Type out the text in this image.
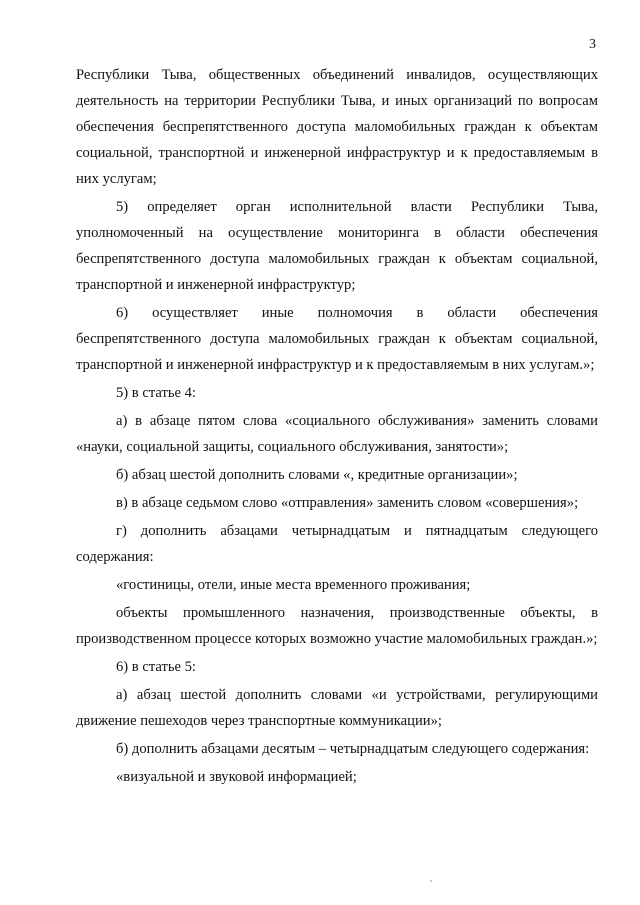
3

Республики Тыва, общественных объединений инвалидов, осуществляющих деятельность на территории Республики Тыва, и иных организаций по вопросам обеспечения беспрепятственного доступа маломобильных граждан к объектам социальной, транспортной и инженерной инфраструктур и к предоставляемым в них услугам;

5) определяет орган исполнительной власти Республики Тыва, уполномоченный на осуществление мониторинга в области обеспечения беспрепятственного доступа маломобильных граждан к объектам социальной, транспортной и инженерной инфраструктур;

6) осуществляет иные полномочия в области обеспечения беспрепятственного доступа маломобильных граждан к объектам социальной, транспортной и инженерной инфраструктур и к предоставляемым в них услугам.»;

5) в статье 4:

а) в абзаце пятом слова «социального обслуживания» заменить словами «науки, социальной защиты, социального обслуживания, занятости»;

б) абзац шестой дополнить словами «, кредитные организации»;

в) в абзаце седьмом слово «отправления» заменить словом «совершения»;

г) дополнить абзацами четырнадцатым и пятнадцатым следующего содержания:

«гостиницы, отели, иные места временного проживания;

объекты промышленного назначения, производственные объекты, в производственном процессе которых возможно участие маломобильных граждан.»;

6) в статье 5:

а) абзац шестой дополнить словами «и устройствами, регулирующими движение пешеходов через транспортные коммуникации»;

б) дополнить абзацами десятым – четырнадцатым следующего содержания:

«визуальной и звуковой информацией;
